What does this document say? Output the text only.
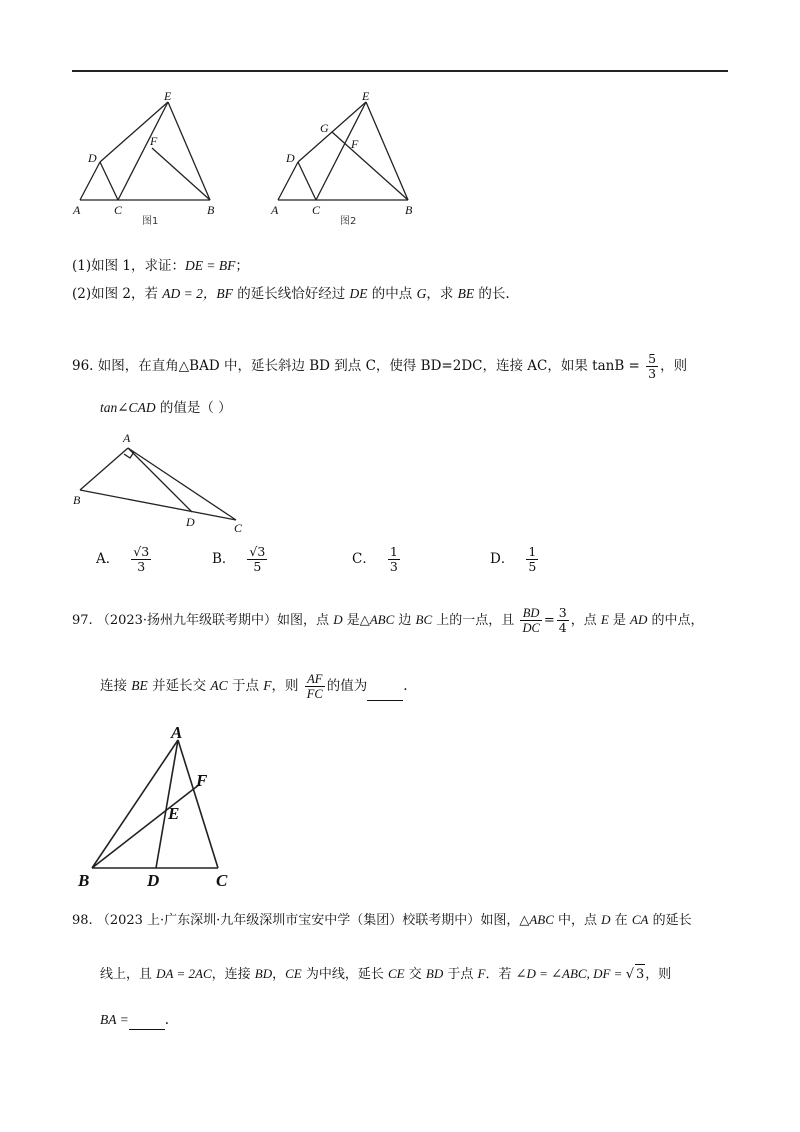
A	C	B
D
E
F
图1
A	C	B
D
E
F
G
图2
(1)如图 1，求证：DE = BF；
(2)如图 2，若 AD = 2，BF 的延长线恰好经过 DE 的中点 G，求 BE 的长.
96. 如图，在直角△BAD 中，延长斜边 BD 到点 C，使得 BD=2DC，连接 AC，如果 $\tan B = \frac{5}{3}$ ，则
tan∠CAD 的值是（ ）
A
B
D	C
A． $\frac{√3}{3}$	B． $\frac{√3}{5}$	C． $\frac{1}{3}$	D． $\frac{1}{5}$
97. （2023·扬州九年级联考期中）如图，点 D 是△ABC 边 BC 上的一点，且 $\frac{BD}{DC} = \frac{3}{4}$ ，点 E 是 AD 的中点，
连接 BE 并延长交 AC 于点 F，则 $\frac{AF}{FC}$ 的值为	.
A
F
E
B	D	C
98. （2023 上·广东深圳·九年级深圳市宝安中学（集团）校联考期中）如图，△ABC 中，点 D 在 CA 的延长
线上，且 DA = 2AC，连接 BD，CE 为中线，延长 CE 交 BD 于点 F．若 ∠D = ∠ABC, DF = √ 3，则
BA =	.
